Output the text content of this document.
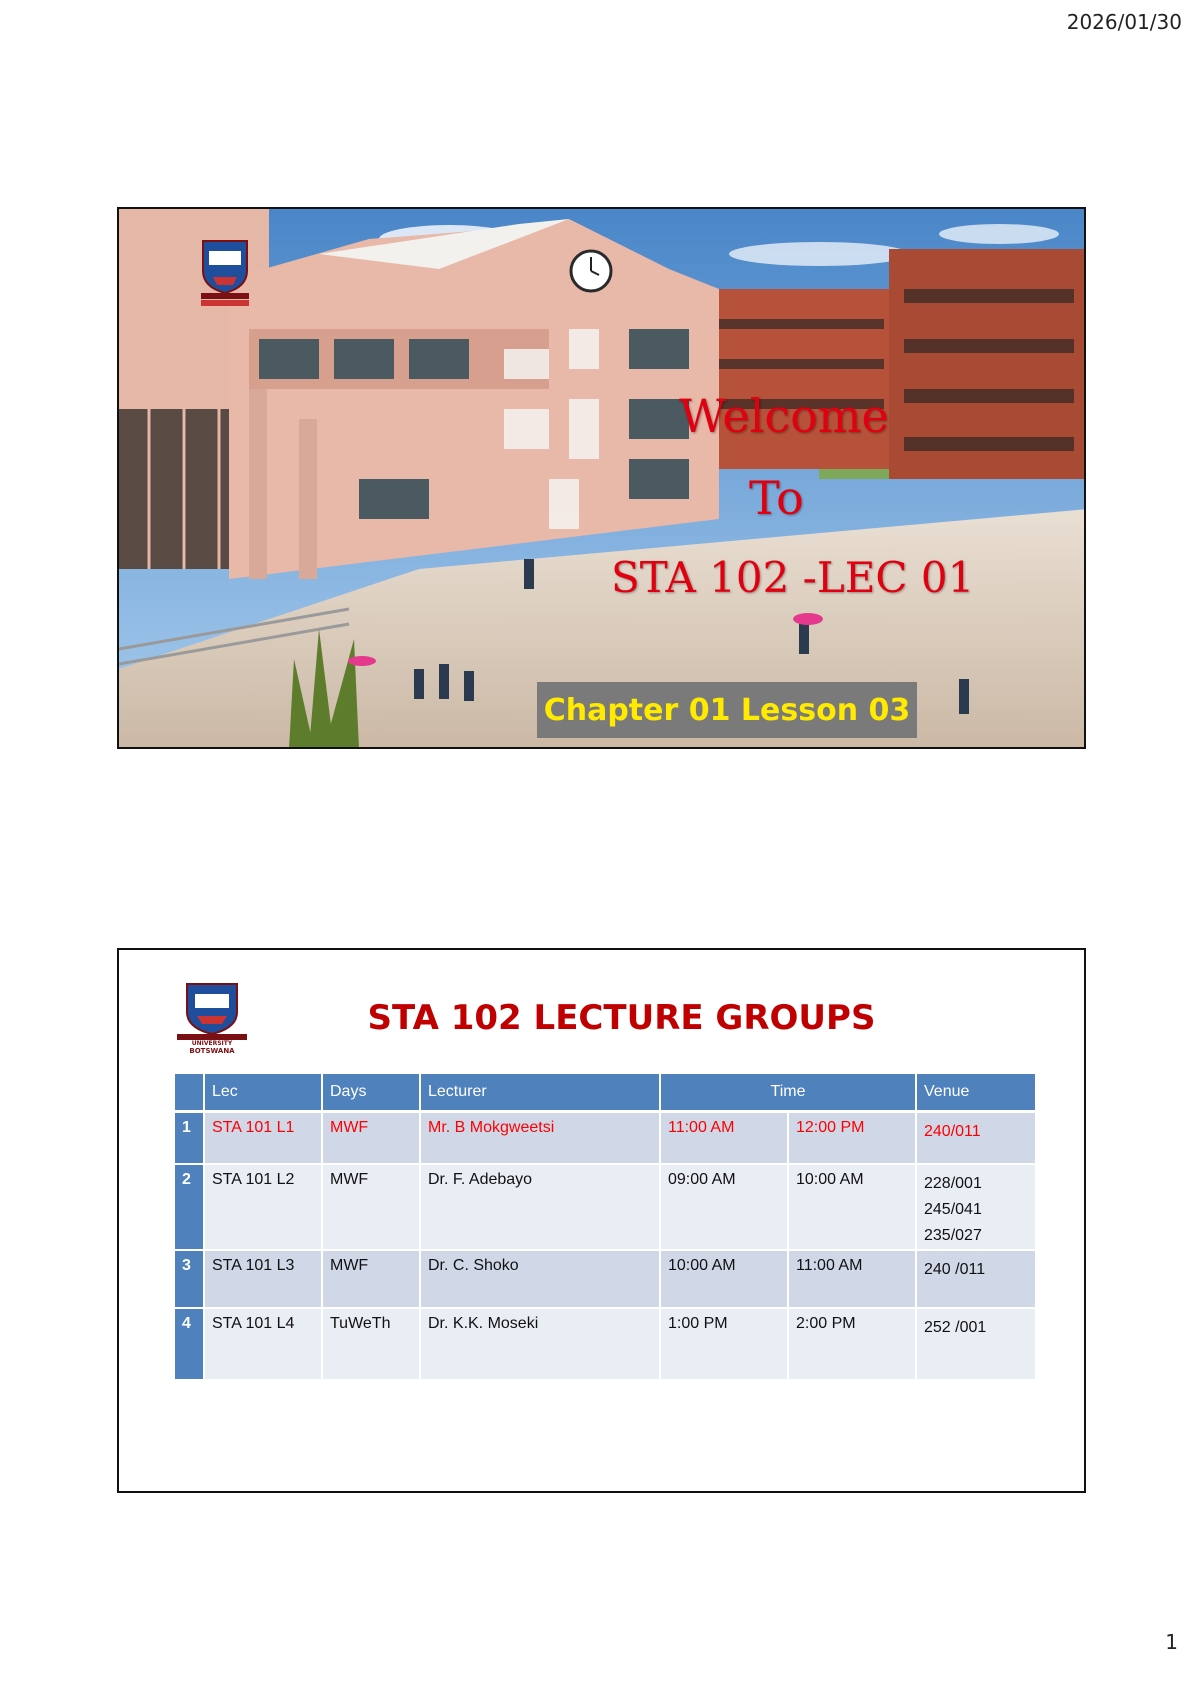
2026/01/30
Welcome
To
STA 102 -LEC 01
Chapter 01 Lesson 03
UNIVERSITY
BOTSWANA
STA 102 LECTURE GROUPS
	Lec	Days	Lecturer	Time		Venue
1	STA 101 L1	MWF	Mr. B Mokgweetsi	11:00 AM	12:00 PM	240/011

2	STA 101 L2	MWF	Dr. F. Adebayo	09:00 AM	10:00 AM	228/001
245/041
235/027

3	STA 101 L3	MWF	Dr. C. Shoko	10:00 AM	11:00 AM	240 /011

4	STA 101 L4	TuWeTh	Dr. K.K. Moseki	1:00 PM	2:00 PM	252 /001
1
